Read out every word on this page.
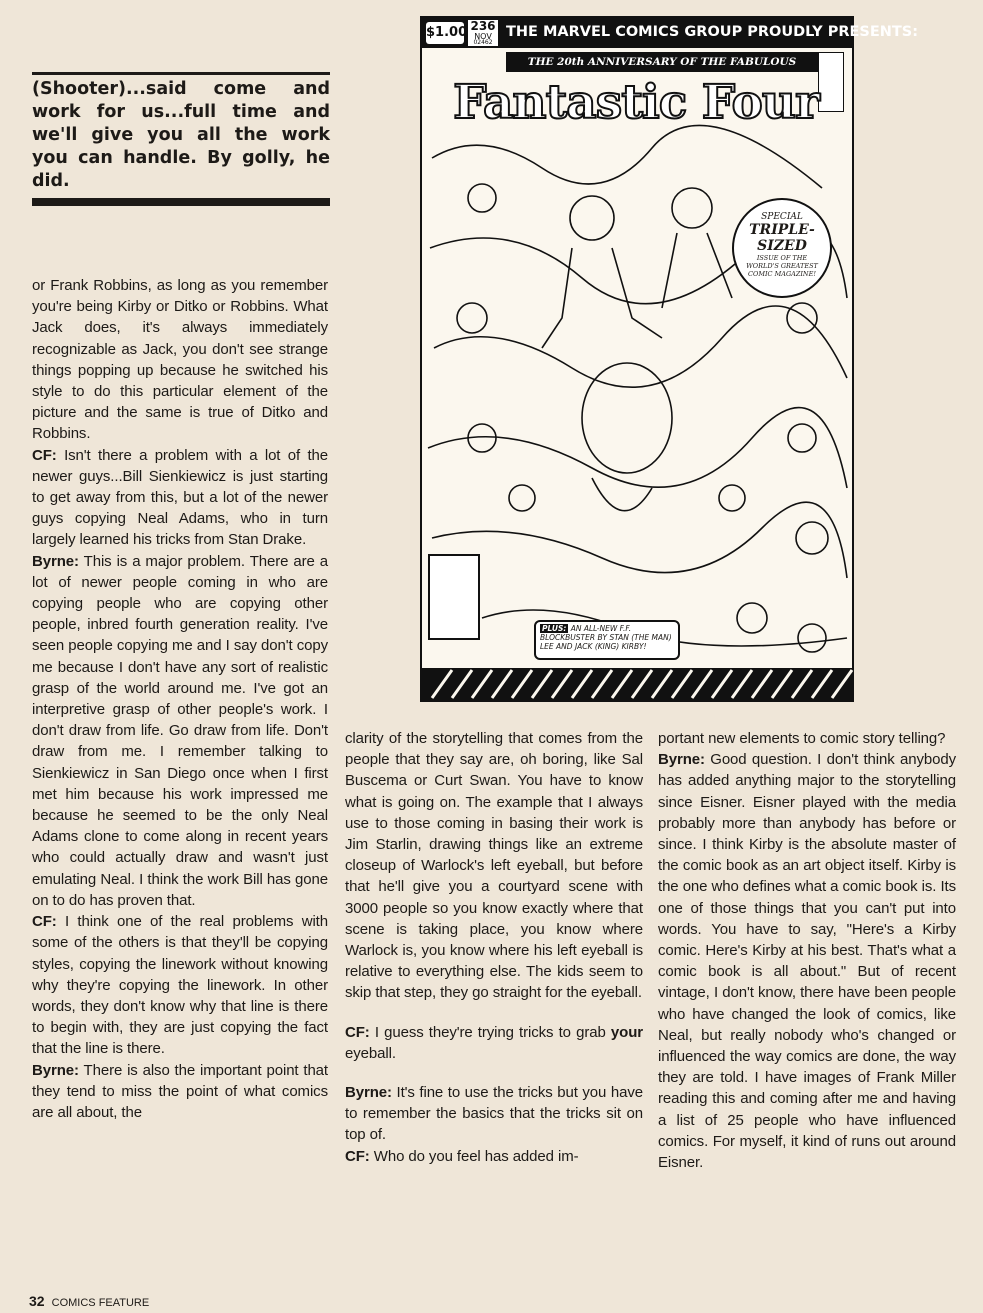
(Shooter)...said come and work for us...full time and we'll give you all the work you can handle. By golly, he did.
$1.00 236
NOV
02462
THE MARVEL COMICS GROUP PROUDLY PRESENTS:
THE 20th ANNIVERSARY OF THE FABULOUS
Fantastic Four
SPECIAL
TRIPLE-SIZED
ISSUE OF THE WORLD'S GREATEST COMIC MAGAZINE!
PLUS: AN ALL-NEW F.F. BLOCKBUSTER BY STAN (THE MAN) LEE AND JACK (KING) KIRBY!

or Frank Robbins, as long as you remember you're being Kirby or Ditko or Robbins. What Jack does, it's always immediately recognizable as Jack, you don't see strange things popping up because he switched his style to do this particular element of the picture and the same is true of Ditko and Robbins.

CF: Isn't there a problem with a lot of the newer guys...Bill Sienkiewicz is just starting to get away from this, but a lot of the newer guys copying Neal Adams, who in turn largely learned his tricks from Stan Drake.

Byrne: This is a major problem. There are a lot of newer people coming in who are copying people who are copying other people, inbred fourth generation reality. I've seen people copying me and I say don't copy me because I don't have any sort of realistic grasp of the world around me. I've got an interpretive grasp of other people's work. I don't draw from life. Go draw from life. Don't draw from me. I remember talking to Sienkiewicz in San Diego once when I first met him because his work impressed me because he seemed to be the only Neal Adams clone to come along in recent years who could actually draw and wasn't just emulating Neal. I think the work Bill has gone on to do has proven that.

CF: I think one of the real problems with some of the others is that they'll be copying styles, copying the linework without knowing why they're copying the linework. In other words, they don't know why that line is there to begin with, they are just copying the fact that the line is there.

Byrne: There is also the important point that they tend to miss the point of what comics are all about, the

clarity of the storytelling that comes from the people that they say are, oh boring, like Sal Buscema or Curt Swan. You have to know what is going on. The example that I always use to those coming in basing their work is Jim Starlin, drawing things like an extreme closeup of Warlock's left eyeball, but before that he'll give you a courtyard scene with 3000 people so you know exactly where that scene is taking place, you know where Warlock is, you know where his left eyeball is relative to everything else. The kids seem to skip that step, they go straight for the eyeball.

CF: I guess they're trying tricks to grab your eyeball.

Byrne: It's fine to use the tricks but you have to remember the basics that the tricks sit on top of.

CF: Who do you feel has added im-

portant new elements to comic story telling?

Byrne: Good question. I don't think anybody has added anything major to the storytelling since Eisner. Eisner played with the media probably more than anybody has before or since. I think Kirby is the absolute master of the comic book as an art object itself. Kirby is the one who defines what a comic book is. Its one of those things that you can't put into words. You have to say, "Here's a Kirby comic. Here's Kirby at his best. That's what a comic book is all about." But of recent vintage, I don't know, there have been people who have changed the look of comics, like Neal, but really nobody who's changed or influenced the way comics are done, the way they are told. I have images of Frank Miller reading this and coming after me and having a list of 25 people who have influenced comics. For myself, it kind of runs out around Eisner.

32 COMICS FEATURE
